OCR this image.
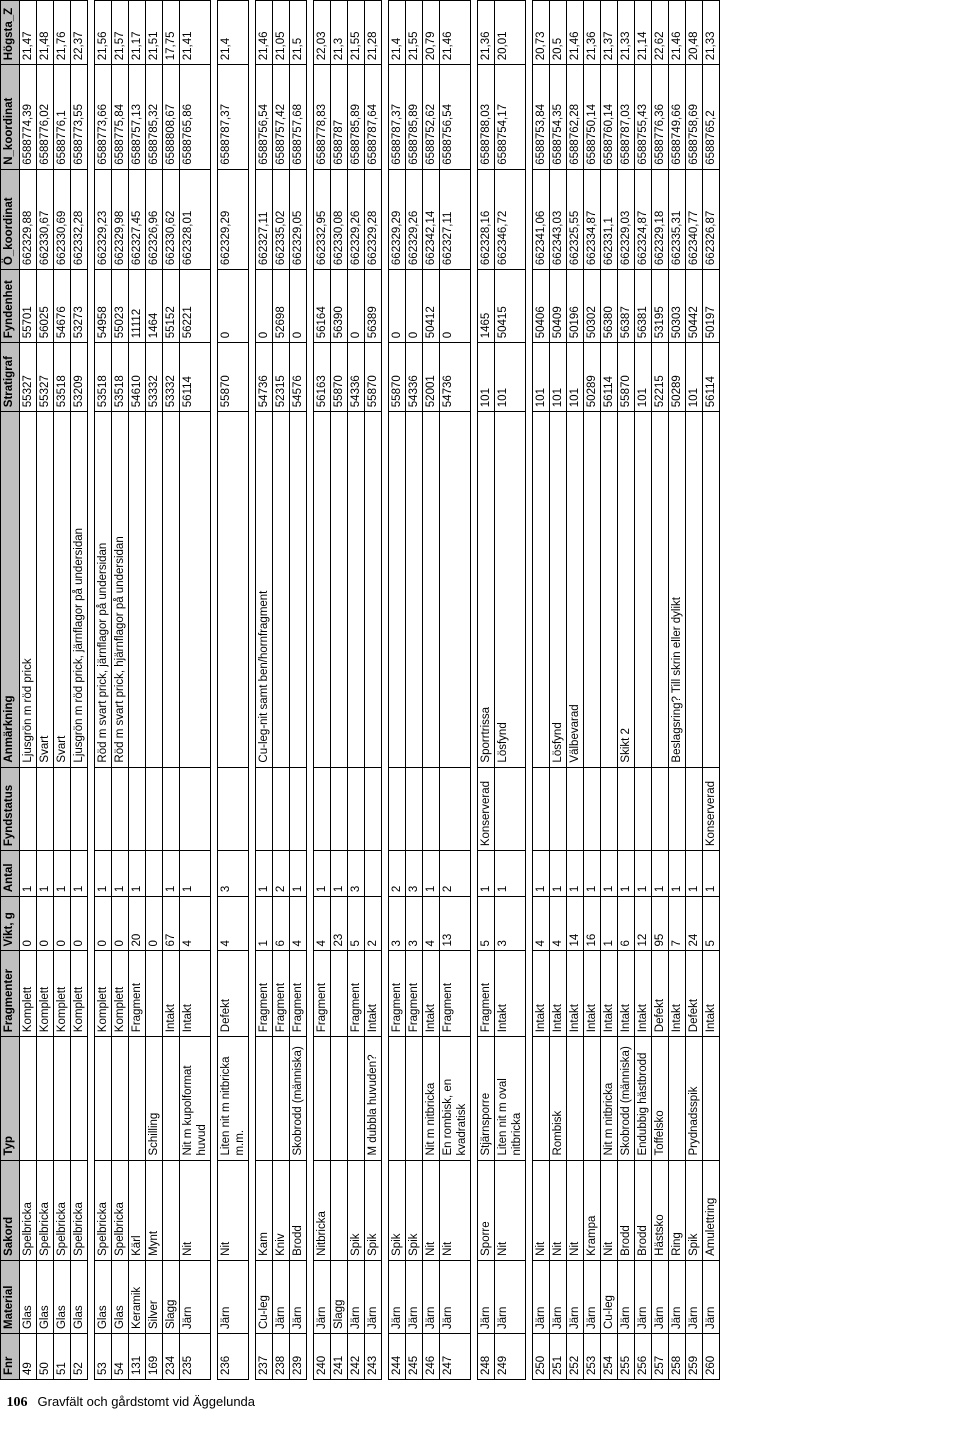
Fnr	Material	Sakord	Typ	Fragmenter	Vikt, g	Antal	Fyndstatus	Anmärkning	Stratigraf	Fyndenhet	Ö_koordinat	N_koordinat	Högsta_Z
49	Glas	Spelbricka		Komplett	0	1		Ljusgrön m röd prick	55327	55701	662329,88	6588774,39	21,47
50	Glas	Spelbricka		Komplett	0	1		Svart	55327	56025	662330,67	6588776,02	21,48
51	Glas	Spelbricka		Komplett	0	1		Svart	53518	54676	662330,69	6588776,1	21,76
52	Glas	Spelbricka		Komplett	0	1		Ljusgrön m röd prick, järnflagor på undersidan	53209	53273	662332,28	6588773,55	22,37

53	Glas	Spelbricka		Komplett	0	1		Röd m svart prick, järnflagor på undersidan	53518	54958	662329,23	6588773,66	21,56
54	Glas	Spelbricka		Komplett	0	1		Röd m svart prick, hjärnflagor på undersidan	53518	55023	662329,98	6588775,84	21,57
131	Keramik	Kärl		Fragment	20	1			54610	11112	662327,45	6588757,13	21,17
169	Silver	Mynt	Schilling		0				53332	1464	662326,96	6588785,32	21,51
234	Slagg			Intakt	67	1			53332	55152	662330,62	6588808,67	17,75
235	Järn	Nit	Nit m kupolformat huvud	Intakt	4	1			56114	56221	662328,01	6588765,86	21,41

236	Järn	Nit	Liten nit m nitbricka m.m.	Defekt	4	3			55870	0	662329,29	6588787,37	21,4

237	Cu-leg	Kam		Fragment	1	1		Cu-leg-nit samt ben/hornfragment	54736	0	662327,11	6588756,54	21,46
238	Järn	Kniv		Fragment	6	2			52315	52698	662335,02	6588757,42	21,05
239	Järn	Brodd	Skobrodd (människa)	Fragment	4	1			54576	0	662329,05	6588757,68	21,5

240	Järn	Nitbricka		Fragment	4	1			56163	56164	662332,95	6588778,83	22,03
241	Slagg				23	1			55870	56390	662330,08	6588787	21,3
242	Järn	Spik		Fragment	5	3			54336	0	662329,26	6588785,89	21,55
243	Järn	Spik	M dubbla huvuden?	Intakt	2				55870	56389	662329,28	6588787,64	21,28

244	Järn	Spik		Fragment	3	2			55870	0	662329,29	6588787,37	21,4
245	Järn	Spik		Fragment	3	3			54336	0	662329,26	6588785,89	21,55
246	Järn	Nit	Nit m nitbricka	Intakt	4	1			52001	50412	662342,14	6588752,62	20,79
247	Järn	Nit	En rombisk, en kvadratisk	Fragment	13	2			54736	0	662327,11	6588756,54	21,46

248	Järn	Sporre	Stjärnsporre	Fragment	5	1	Konserverad	Sporrtrissa	101	1465	662328,16	6588788,03	21,36
249	Järn	Nit	Liten nit m oval nitbricka	Intakt	3	1		Lösfynd	101	50415	662346,72	6588754,17	20,01

250	Järn	Nit		Intakt	4	1			101	50406	662341,06	6588753,84	20,73
251	Järn	Nit	Rombisk	Intakt	4	1		Lösfynd	101	50409	662343,03	6588754,35	20,5
252	Järn	Nit		Intakt	14	1		Välbevarad	101	50196	662325,55	6588762,28	21,46
253	Järn	Krampa		Intakt	16	1			50289	50302	662334,87	6588750,14	21,36
254	Cu-leg	Nit	Nit m nitbricka	Intakt	1	1			56114	56380	662331,1	6588760,14	21,37
255	Järn	Brodd	Skobrodd (människa)	Intakt	6	1		Skikt 2	55870	56387	662329,03	6588787,03	21,33
256	Järn	Brodd	Endubbig hästbrodd	Intakt	12	1			101	56381	662324,87	6588755,43	21,14
257	Järn	Hästsko	Toffelsko	Defekt	95	1			52215	53195	662329,18	6588776,36	22,62
258	Järn	Ring		Intakt	7	1		Beslagsring? Till skrin eller dylikt	50289	50303	662335,31	6588749,66	21,46
259	Järn	Spik	Prydnadsspik	Defekt	24	1			101	50442	662340,77	6588758,69	20,48
260	Järn	Amulettring		Intakt	5	1	Konserverad		56114	50197	662326,87	6588765,2	21,33
106 Gravfält och gårdstomt vid Äggelunda
